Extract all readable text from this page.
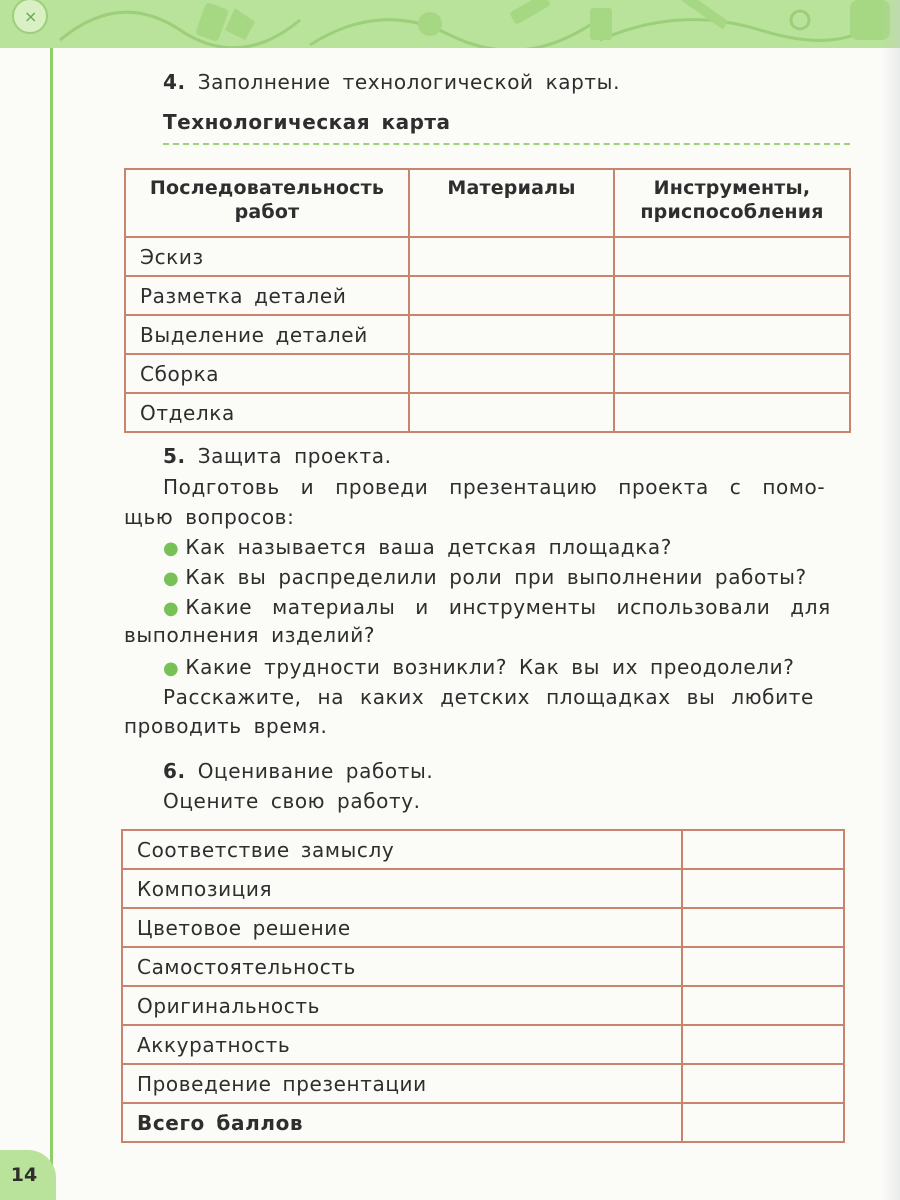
×
14
4. Заполнение технологической карты.
Технологическая карта
Последовательность работ	Материалы	Инструменты, приспособления
Эскиз		
Разметка деталей		
Выделение деталей		
Сборка		
Отделка		
5. Защита проекта.
Подготовь и проведи презентацию проекта с помо-
щью вопросов:
● Как называется ваша детская площадка?
● Как вы распределили роли при выполнении работы?
● Какие материалы и инструменты использовали для
выполнения изделий?
● Какие трудности возникли? Как вы их преодолели?
Расскажите, на каких детских площадках вы любите
проводить время.
6. Оценивание работы.
Оцените свою работу.
Соответствие замыслу	
Композиция	
Цветовое решение	
Самостоятельность	
Оригинальность	
Аккуратность	
Проведение презентации	
Всего баллов	
